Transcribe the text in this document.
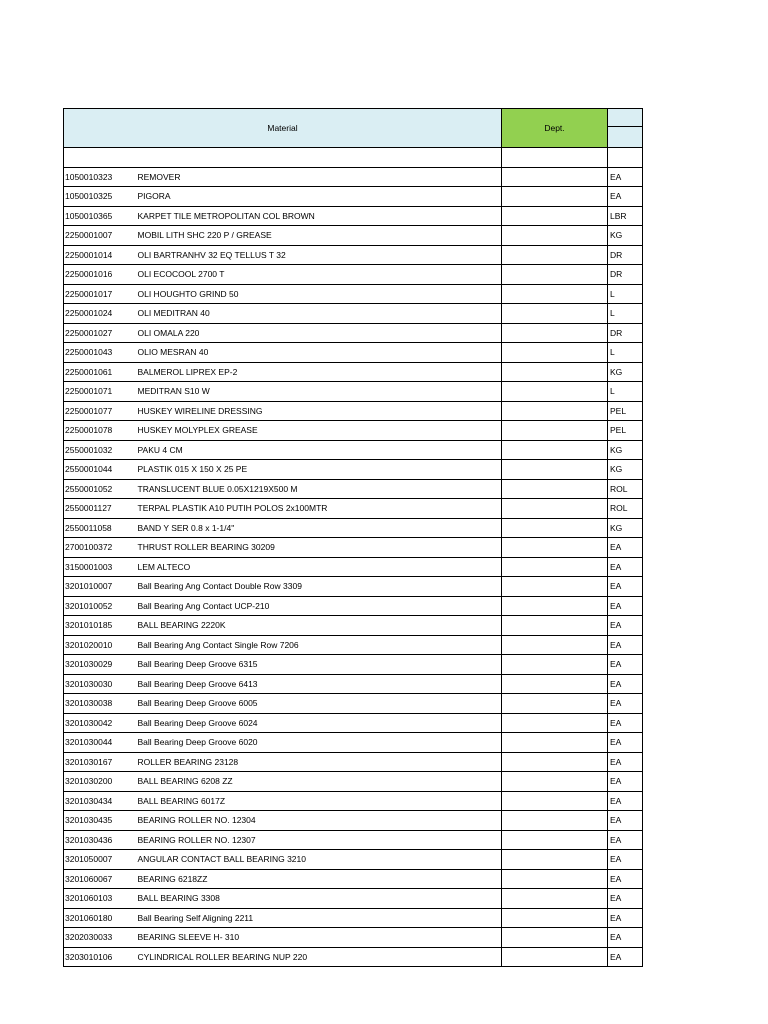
Material		Dept.	

1050010323	REMOVER		EA
1050010325	PIGORA		EA
1050010365	KARPET TILE METROPOLITAN COL BROWN		LBR
2250001007	MOBIL LITH SHC 220 P / GREASE		KG
2250001014	OLI BARTRANHV 32 EQ TELLUS T 32		DR
2250001016	OLI ECOCOOL 2700 T		DR
2250001017	OLI HOUGHTO GRIND 50		L
2250001024	OLI MEDITRAN 40		L
2250001027	OLI OMALA 220		DR
2250001043	OLIO MESRAN 40		L
2250001061	BALMEROL LIPREX EP-2		KG
2250001071	MEDITRAN S10 W		L
2250001077	HUSKEY WIRELINE DRESSING		PEL
2250001078	HUSKEY MOLYPLEX GREASE		PEL
2550001032	PAKU 4 CM		KG
2550001044	PLASTIK 015 X 150 X 25 PE		KG
2550001052	TRANSLUCENT BLUE 0.05X1219X500 M		ROL
2550001127	TERPAL PLASTIK A10 PUTIH POLOS 2x100MTR		ROL
2550011058	BAND Y SER 0.8 x 1-1/4"		KG
2700100372	THRUST ROLLER BEARING 30209		EA
3150001003	LEM ALTECO		EA
3201010007	Ball Bearing Ang Contact Double Row 3309		EA
3201010052	Ball Bearing Ang Contact UCP-210		EA
3201010185	BALL BEARING 2220K		EA
3201020010	Ball Bearing Ang Contact Single Row 7206		EA
3201030029	Ball Bearing Deep Groove 6315		EA
3201030030	Ball Bearing Deep Groove 6413		EA
3201030038	Ball Bearing Deep Groove 6005		EA
3201030042	Ball Bearing Deep Groove 6024		EA
3201030044	Ball Bearing Deep Groove 6020		EA
3201030167	ROLLER BEARING 23128		EA
3201030200	BALL BEARING 6208 ZZ		EA
3201030434	BALL BEARING 6017Z		EA
3201030435	BEARING ROLLER NO. 12304		EA
3201030436	BEARING ROLLER NO. 12307		EA
3201050007	ANGULAR CONTACT BALL BEARING 3210		EA
3201060067	BEARING 6218ZZ		EA
3201060103	BALL BEARING 3308		EA
3201060180	Ball Bearing Self Aligning 2211		EA
3202030033	BEARING SLEEVE H- 310		EA
3203010106	CYLINDRICAL ROLLER BEARING NUP 220		EA
